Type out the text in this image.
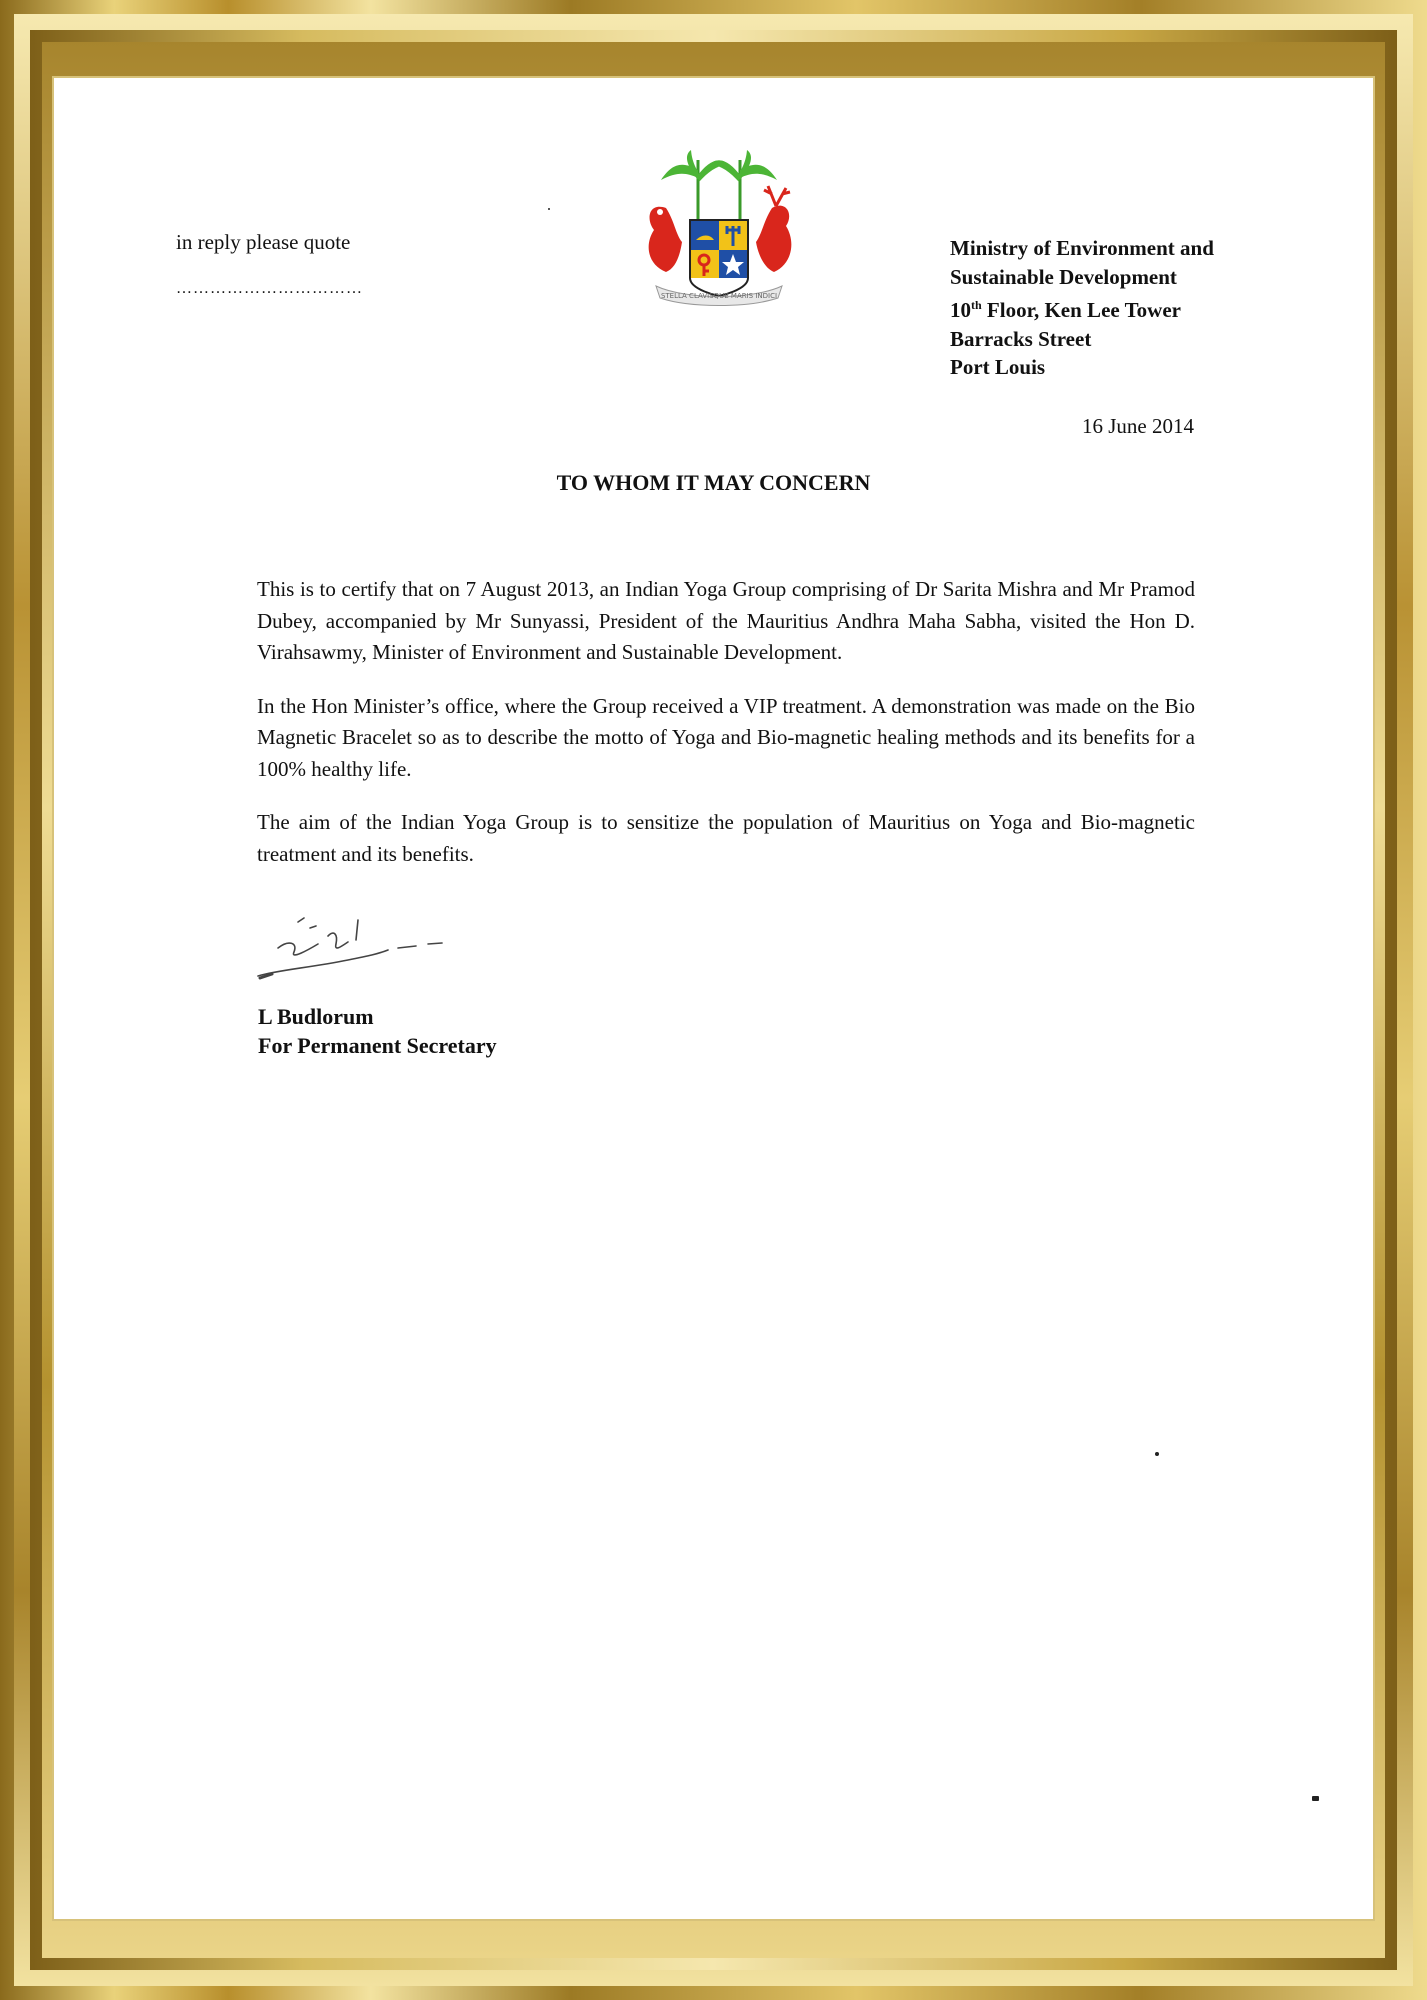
in reply please quote
……………………………	STELLA CLAVISQUE MARIS INDICI
Ministry of Environment and
Sustainable Development
10th Floor, Ken Lee Tower
Barracks Street
Port Louis
16 June 2014
TO WHOM IT MAY CONCERN

This is to certify that on 7 August 2013, an Indian Yoga Group comprising of Dr Sarita Mishra and Mr Pramod Dubey, accompanied by Mr Sunyassi, President of the Mauritius Andhra Maha Sabha, visited the Hon D. Virahsawmy, Minister of Environment and Sustainable Development.

In the Hon Minister’s office, where the Group received a VIP treatment. A demonstration was made on the Bio Magnetic Bracelet so as to describe the motto of Yoga and Bio-magnetic healing methods and its benefits for a 100% healthy life.

The aim of the Indian Yoga Group is to sensitize the population of Mauritius on Yoga and Bio-magnetic treatment and its benefits.

L Budlorum
For Permanent Secretary
